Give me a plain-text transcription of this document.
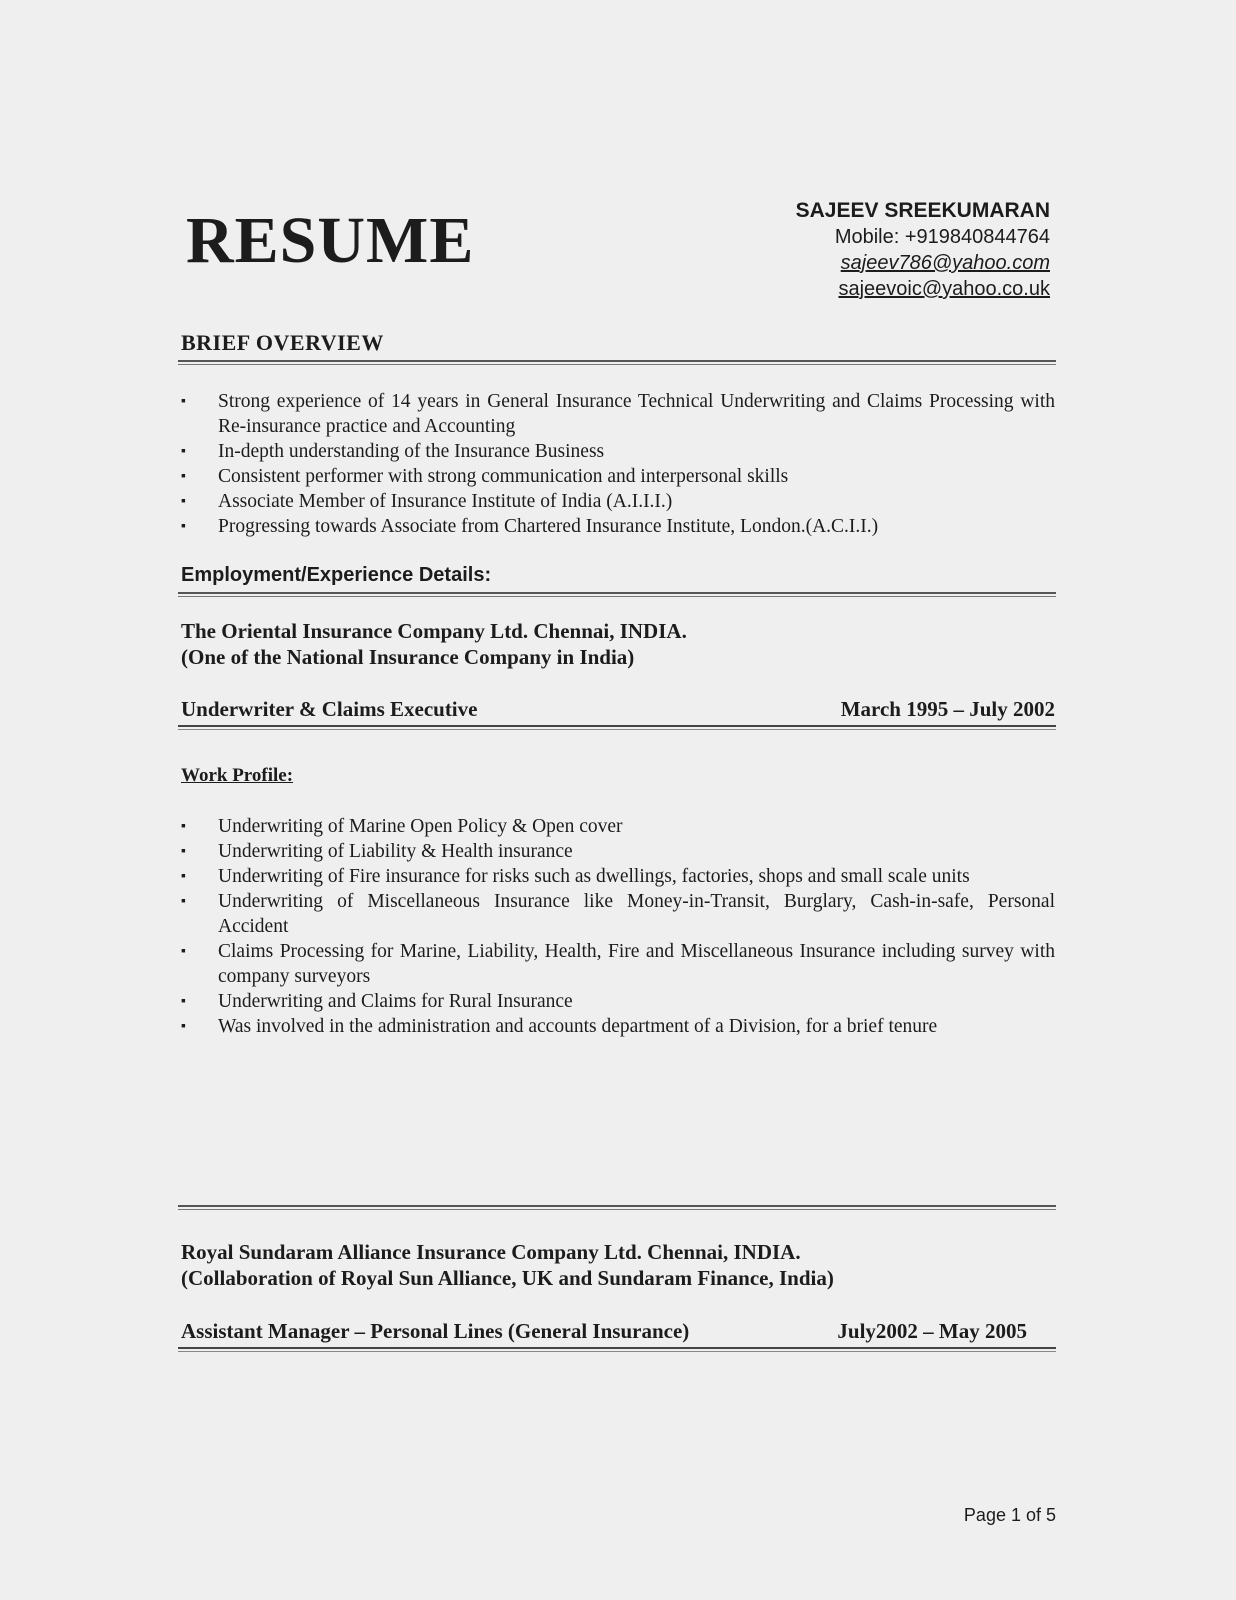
RESUME	SAJEEV SREEKUMARAN
Mobile: +919840844764
sajeev786@yahoo.com
sajeevoic@yahoo.co.uk
BRIEF OVERVIEW
▪ Strong experience of 14 years in General Insurance Technical Underwriting and Claims Processing with Re-insurance practice and Accounting
▪ In-depth understanding of the Insurance Business
▪ Consistent performer with strong communication and interpersonal skills
▪ Associate Member of Insurance Institute of India (A.I.I.I.)
▪ Progressing towards Associate from Chartered Insurance Institute, London.(A.C.I.I.)
Employment/Experience Details:
The Oriental Insurance Company Ltd. Chennai, INDIA.
(One of the National Insurance Company in India)
Underwriter & Claims Executive	March 1995 – July 2002
Work Profile:
▪ Underwriting of Marine Open Policy & Open cover
▪ Underwriting of Liability & Health insurance
▪ Underwriting of Fire insurance for risks such as dwellings, factories, shops and small scale units
▪ Underwriting of Miscellaneous Insurance like Money-in-Transit, Burglary, Cash-in-safe, Personal Accident
▪ Claims Processing for Marine, Liability, Health, Fire and Miscellaneous Insurance including survey with company surveyors
▪ Underwriting and Claims for Rural Insurance
▪ Was involved in the administration and accounts department of a Division, for a brief tenure
Royal Sundaram Alliance Insurance Company Ltd. Chennai, INDIA.
(Collaboration of Royal Sun Alliance, UK and Sundaram Finance, India)
Assistant Manager – Personal Lines (General Insurance)	July2002 – May 2005
Page 1 of 5
